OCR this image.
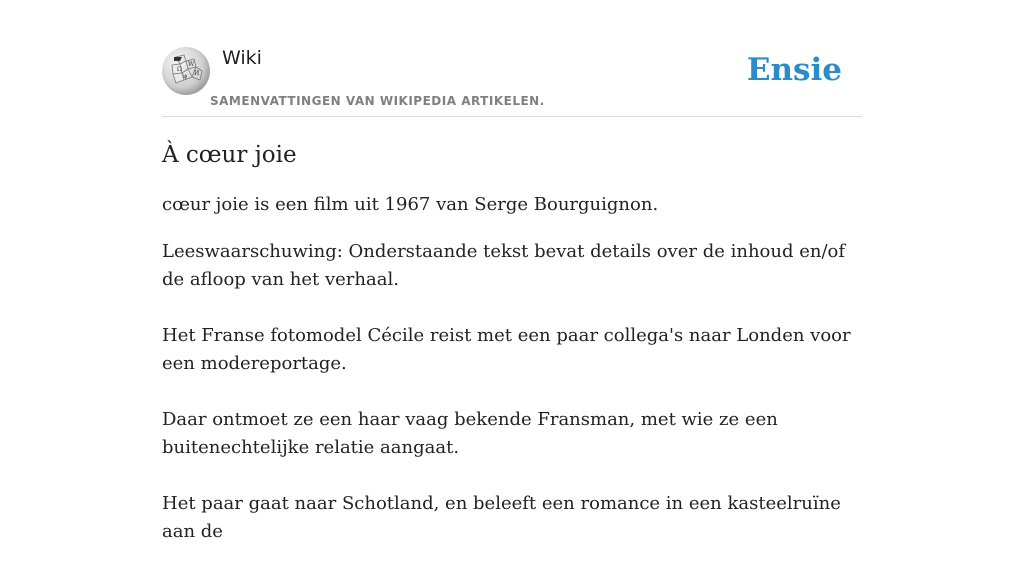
W
Ω
И
ψ
Wiki
SAMENVATTINGEN VAN WIKIPEDIA ARTIKELEN.
Ensie
À cœur joie

cœur joie is een film uit 1967 van Serge Bourguignon.

Leeswaarschuwing: Onderstaande tekst bevat details over de inhoud en/of de afloop van het verhaal.

Het Franse fotomodel Cécile reist met een paar collega's naar Londen voor een modereportage.

Daar ontmoet ze een haar vaag bekende Fransman, met wie ze een buitenechtelijke relatie aangaat.

Het paar gaat naar Schotland, en beleeft een romance in een kasteelruïne aan de
